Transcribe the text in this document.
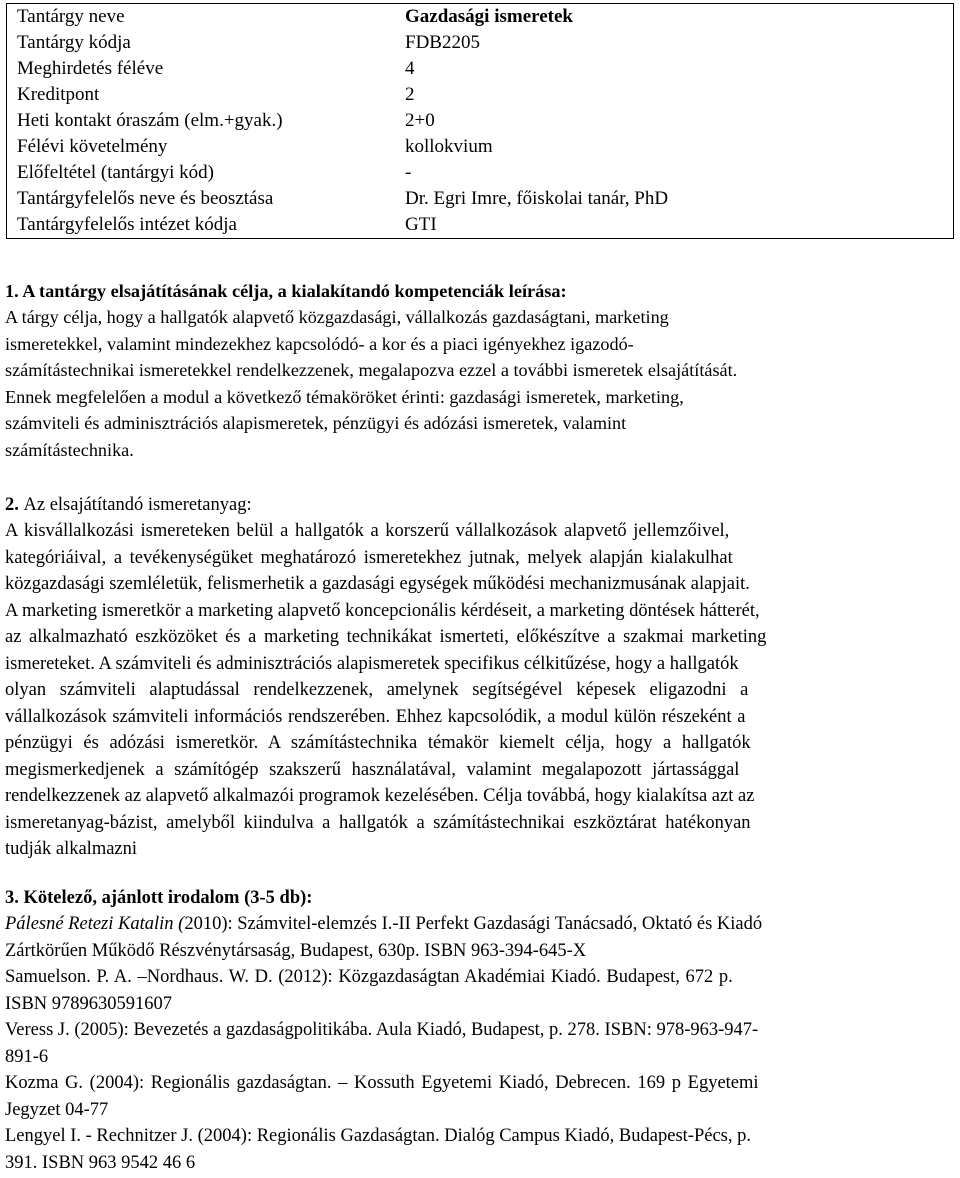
Tantárgy neve	Gazdasági ismeretek
Tantárgy kódja	FDB2205
Meghirdetés féléve	4
Kreditpont	2
Heti kontakt óraszám (elm.+gyak.)	2+0
Félévi követelmény	kollokvium
Előfeltétel (tantárgyi kód)	-
Tantárgyfelelős neve és beosztása	Dr. Egri Imre, főiskolai tanár, PhD
Tantárgyfelelős intézet kódja	GTI
1. A tantárgy elsajátításának célja, a kialakítandó kompetenciák leírása:
A tárgy célja, hogy a hallgatók alapvető közgazdasági, vállalkozás gazdaságtani, marketing
ismeretekkel, valamint mindezekhez kapcsolódó- a kor és a piaci igényekhez igazodó-
számítástechnikai ismeretekkel rendelkezzenek, megalapozva ezzel a további ismeretek elsajátítását.
Ennek megfelelően a modul a következő témaköröket érinti: gazdasági ismeretek, marketing,
számviteli és adminisztrációs alapismeretek, pénzügyi és adózási ismeretek, valamint
számítástechnika.
2. Az elsajátítandó ismeretanyag:
A kisvállalkozási ismereteken belül a hallgatók a korszerű vállalkozások alapvető jellemzőivel,
kategóriáival, a tevékenységüket meghatározó ismeretekhez jutnak, melyek alapján kialakulhat
közgazdasági szemléletük, felismerhetik a gazdasági egységek működési mechanizmusának alapjait.
A marketing ismeretkör a marketing alapvető koncepcionális kérdéseit, a marketing döntések hátterét,
az alkalmazható eszközöket és a marketing technikákat ismerteti, előkészítve a szakmai marketing
ismereteket. A számviteli és adminisztrációs alapismeretek specifikus célkitűzése, hogy a hallgatók
olyan számviteli alaptudással rendelkezzenek, amelynek segítségével képesek eligazodni a
vállalkozások számviteli információs rendszerében. Ehhez kapcsolódik, a modul külön részeként a
pénzügyi és adózási ismeretkör. A számítástechnika témakör kiemelt célja, hogy a hallgatók
megismerkedjenek a számítógép szakszerű használatával, valamint megalapozott jártassággal
rendelkezzenek az alapvető alkalmazói programok kezelésében. Célja továbbá, hogy kialakítsa azt az
ismeretanyag-bázist, amelyből kiindulva a hallgatók a számítástechnikai eszköztárat hatékonyan
tudják alkalmazni
3. Kötelező, ajánlott irodalom (3-5 db):
Pálesné Retezi Katalin (2010): Számvitel-elemzés I.-II Perfekt Gazdasági Tanácsadó, Oktató és Kiadó
Zártkörűen Működő Részvénytársaság, Budapest, 630p. ISBN 963-394-645-X
Samuelson. P. A. –Nordhaus. W. D. (2012): Közgazdaságtan Akadémiai Kiadó. Budapest, 672 p.
ISBN 9789630591607
Veress J. (2005): Bevezetés a gazdaságpolitikába. Aula Kiadó, Budapest, p. 278. ISBN: 978-963-947-
891-6
Kozma G. (2004): Regionális gazdaságtan. – Kossuth Egyetemi Kiadó, Debrecen. 169 p Egyetemi
Jegyzet 04-77
Lengyel I. - Rechnitzer J. (2004): Regionális Gazdaságtan. Dialóg Campus Kiadó, Budapest-Pécs, p.
391. ISBN 963 9542 46 6
